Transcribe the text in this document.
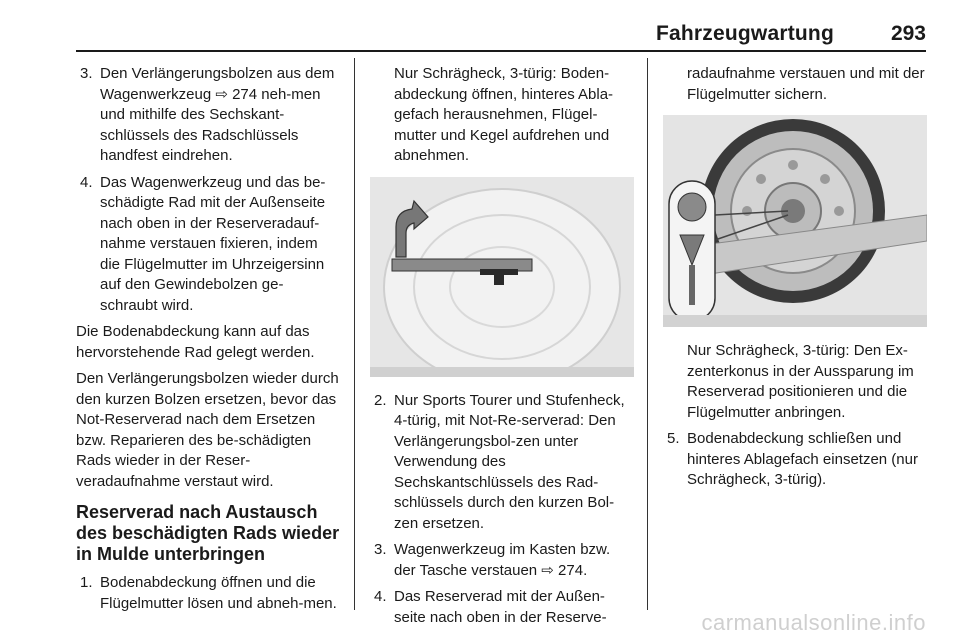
Fahrzeugwartung	293
3. Den Verlängerungsbolzen aus dem Wagenwerkzeug ⇨ 274 neh-men und mithilfe des Sechskant-schlüssels des Radschlüssels handfest eindrehen.
4. Das Wagenwerkzeug und das be-schädigte Rad mit der Außenseite nach oben in der Reserveradauf-nahme verstauen fixieren, indem die Flügelmutter im Uhrzeigersinn auf den Gewindebolzen ge-schraubt wird.

Die Bodenabdeckung kann auf das hervorstehende Rad gelegt werden.

Den Verlängerungsbolzen wieder durch den kurzen Bolzen ersetzen, bevor das Not-Reserverad nach dem Ersetzen bzw. Reparieren des be-schädigten Rads wieder in der Reser-veradaufnahme verstaut wird.

Reserverad nach Austausch des beschädigten Rads wieder in Mulde unterbringen
1. Bodenabdeckung öffnen und die Flügelmutter lösen und abneh-men.

Nur Schrägheck, 3-türig: Boden-abdeckung öffnen, hinteres Abla-gefach herausnehmen, Flügel-mutter und Kegel aufdrehen und abnehmen.

2. Nur Sports Tourer und Stufenheck, 4-türig, mit Not-Re-serverad: Den Verlängerungsbol-zen unter Verwendung des Sechskantschlüssels des Rad-schlüssels durch den kurzen Bol-zen ersetzen.
3. Wagenwerkzeug im Kasten bzw. der Tasche verstauen ⇨ 274.
4. Das Reserverad mit der Außen-seite nach oben in der Reserve-

radaufnahme verstauen und mit der Flügelmutter sichern.

Nur Schrägheck, 3-türig: Den Ex-zenterkonus in der Aussparung im Reserverad positionieren und die Flügelmutter anbringen.

5. Bodenabdeckung schließen und hinteres Ablagefach einsetzen (nur Schrägheck, 3-türig).
carmanualsonline.info
